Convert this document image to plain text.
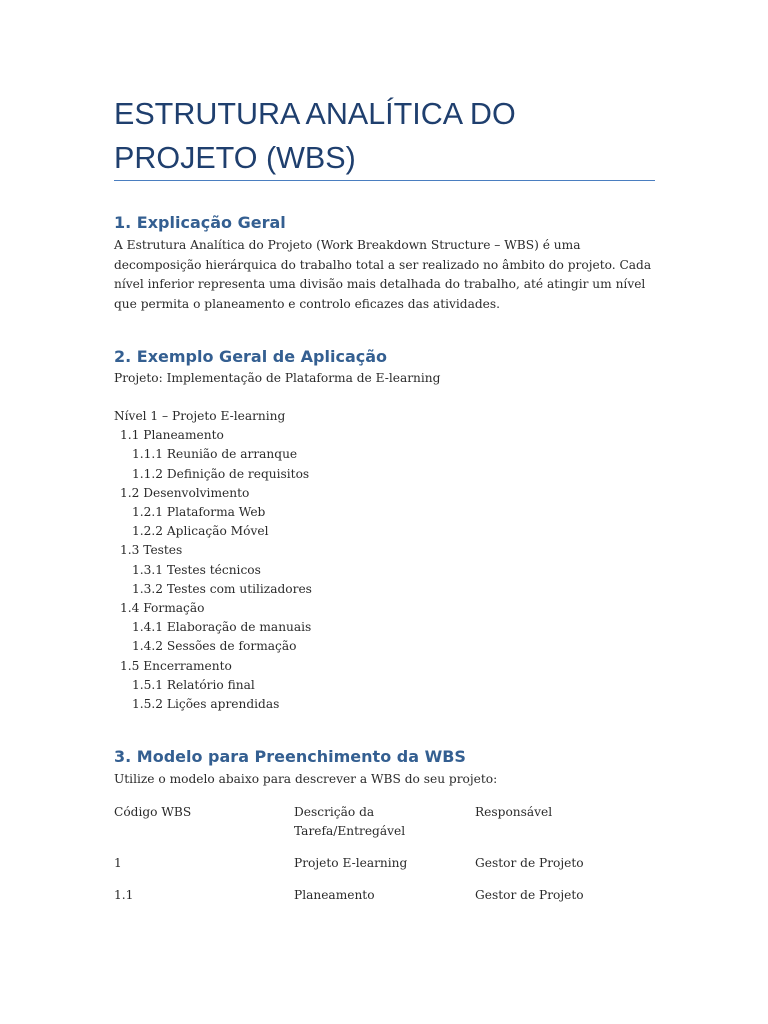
ESTRUTURA ANALÍTICA DO PROJETO (WBS)
1. Explicação Geral

A Estrutura Analítica do Projeto (Work Breakdown Structure – WBS) é uma decomposição hierárquica do trabalho total a ser realizado no âmbito do projeto. Cada nível inferior representa uma divisão mais detalhada do trabalho, até atingir um nível que permita o planeamento e controlo eficazes das atividades.

2. Exemplo Geral de Aplicação

Projeto: Implementação de Plataforma de E-learning

Nível 1 – Projeto E-learning
1.1 Planeamento
1.1.1 Reunião de arranque
1.1.2 Definição de requisitos
1.2 Desenvolvimento
1.2.1 Plataforma Web
1.2.2 Aplicação Móvel
1.3 Testes
1.3.1 Testes técnicos
1.3.2 Testes com utilizadores
1.4 Formação
1.4.1 Elaboração de manuais
1.4.2 Sessões de formação
1.5 Encerramento
1.5.1 Relatório final
1.5.2 Lições aprendidas
3. Modelo para Preenchimento da WBS

Utilize o modelo abaixo para descrever a WBS do seu projeto:

Código WBS	Descrição da Tarefa/Entregável	Responsável
1	Projeto E-learning	Gestor de Projeto
1.1	Planeamento	Gestor de Projeto
